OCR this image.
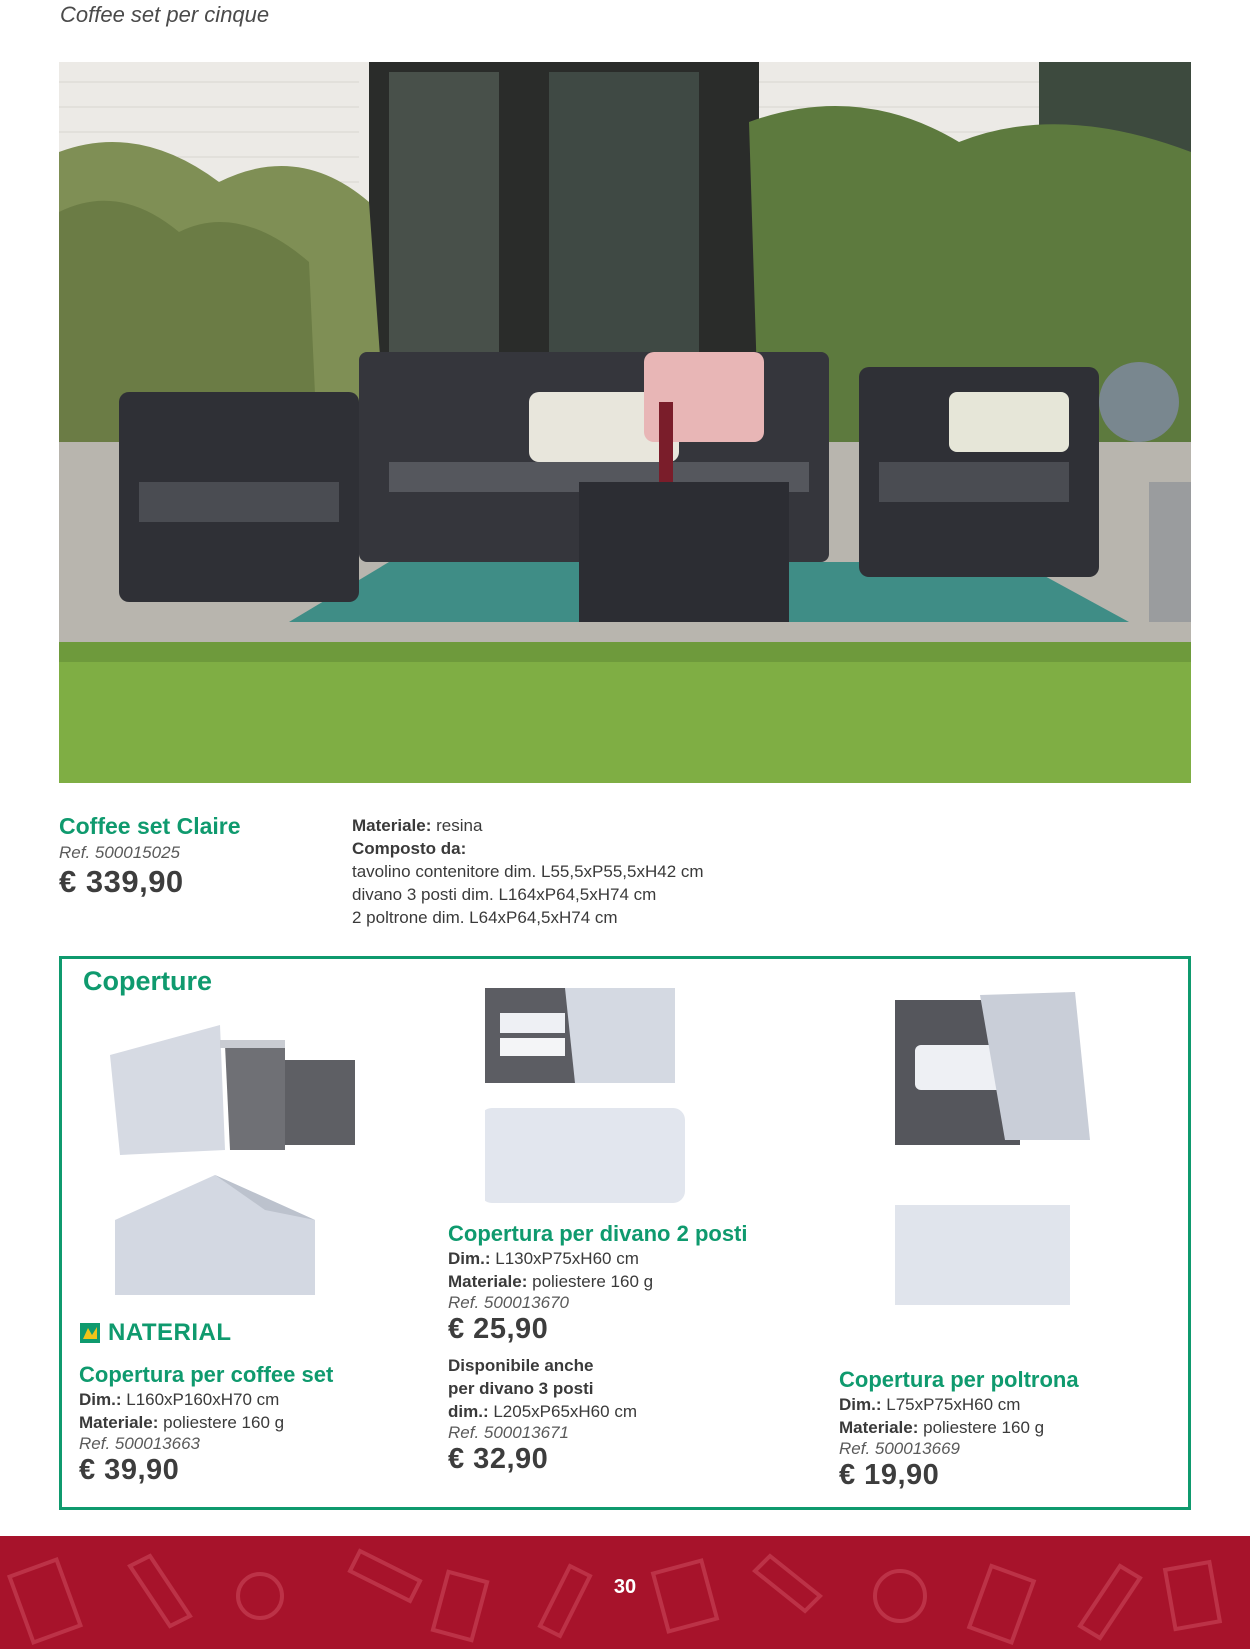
Coffee set per cinque
Coffee set Claire
Ref. 500015025
€ 339,90
Materiale: resina
Composto da:
tavolino contenitore dim. L55,5xP55,5xH42 cm
divano 3 posti dim. L164xP64,5xH74 cm
2 poltrone dim. L64xP64,5xH74 cm
Coperture
NATERIAL
Copertura per coffee set
Dim.: L160xP160xH70 cm
Materiale: poliestere 160 g
Ref. 500013663
€ 39,90
Copertura per divano 2 posti
Dim.: L130xP75xH60 cm
Materiale: poliestere 160 g
Ref. 500013670
€ 25,90
Disponibile anche
per divano 3 posti
dim.: L205xP65xH60 cm
Ref. 500013671
€ 32,90
Copertura per poltrona
Dim.: L75xP75xH60 cm
Materiale: poliestere 160 g
Ref. 500013669
€ 19,90
30
